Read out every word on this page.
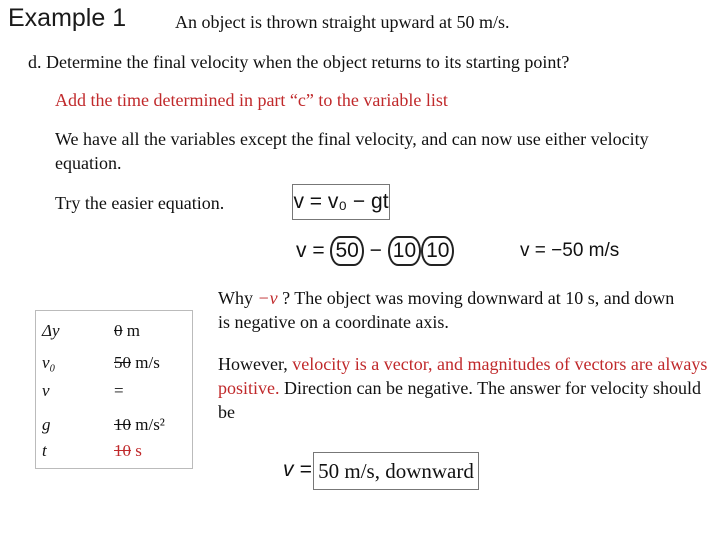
Example 1	An object is thrown straight upward at 50 m/s.
d. Determine the final velocity when the object returns to its starting point?
Add the time determined in part “c” to the variable list
We have all the variables except the final velocity, and can now use either velocity equation.
Try the easier equation.	v = v₀ − gt
v = 50 − 10 10	v = −50 m/s
Δy	0 m
v₀	50 m/s
v	=
g	10 m/s²
t	10 s
Why −v ? The object was moving downward at 10 s, and down is negative on a coordinate axis.
However, velocity is a vector, and magnitudes of vectors are always positive. Direction can be negative. The answer for velocity should be
v = 50 m/s, downward
